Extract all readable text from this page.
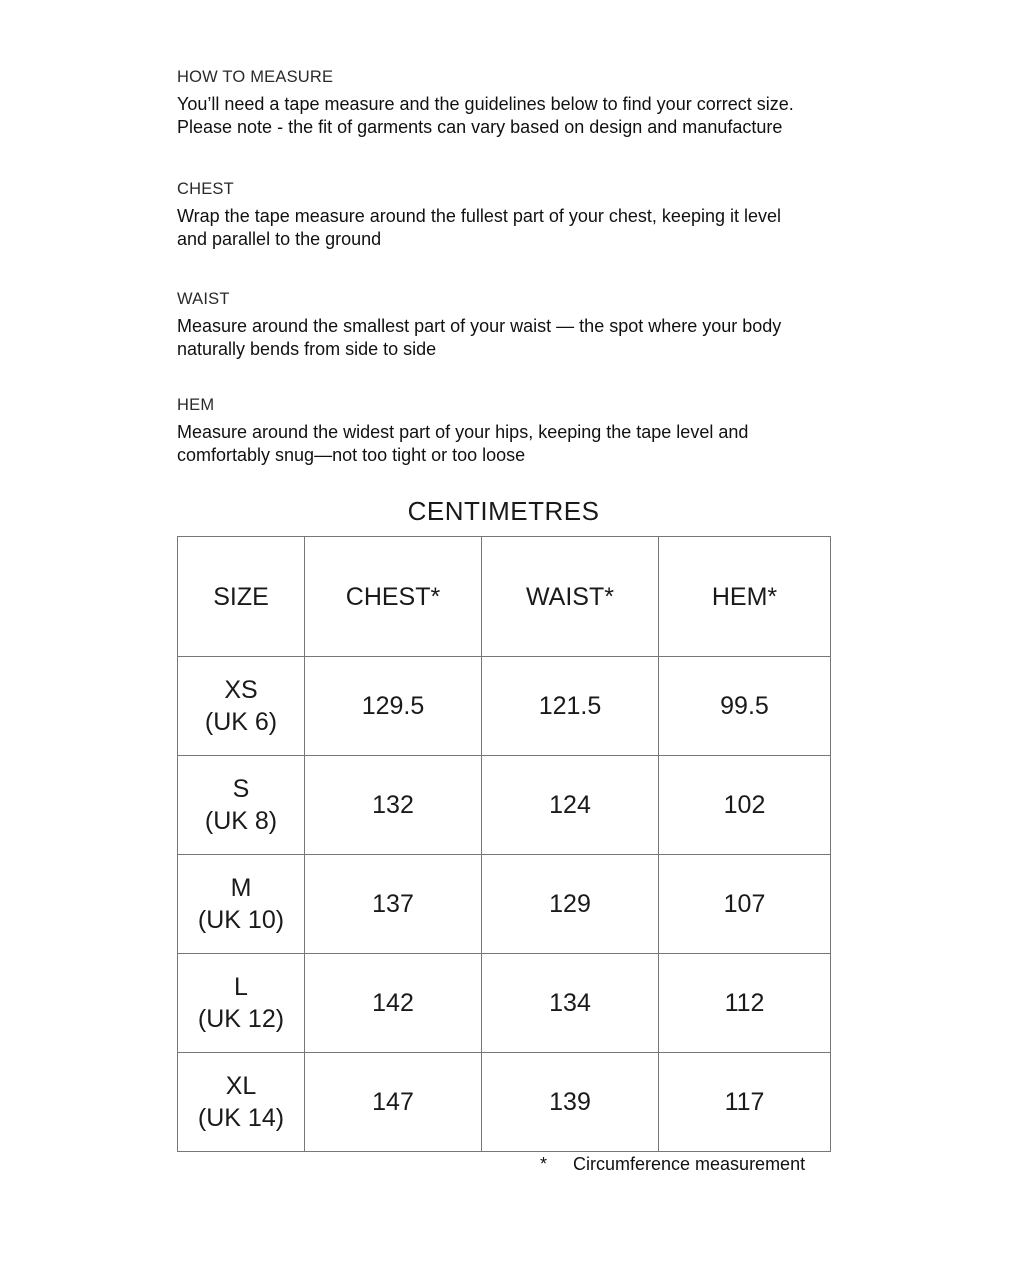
HOW TO MEASURE

You’ll need a tape measure and the guidelines below to find your correct size.
Please note - the fit of garments can vary based on design and manufacture

CHEST

Wrap the tape measure around the fullest part of your chest, keeping it level
and parallel to the ground

WAIST

Measure around the smallest part of your waist — the spot where your body
naturally bends from side to side

HEM

Measure around the widest part of your hips, keeping the tape level and
comfortably snug—not too tight or too loose

CENTIMETRES
SIZE	CHEST*	WAIST*	HEM*

XS
(UK 6)	129.5	121.5	99.5

S
(UK 8)	132	124	102

M
(UK 10)	137	129	107

L
(UK 12)	142	134	112

XL
(UK 14)	147	139	117
* Circumference measurement
